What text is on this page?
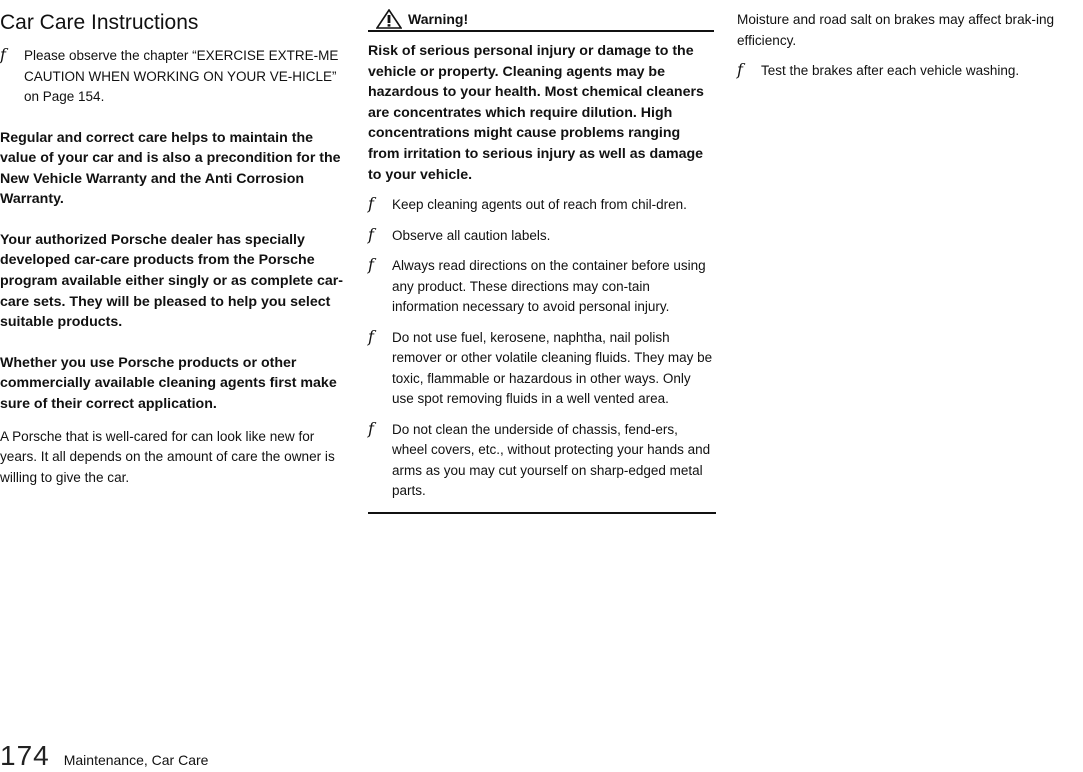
Car Care Instructions
f	Please observe the chapter “EXERCISE EXTRE-ME CAUTION WHEN WORKING ON YOUR VE-HICLE” on Page 154.
Regular and correct care helps to maintain the value of your car and is also a precondition for the New Vehicle Warranty and the Anti Corrosion Warranty.
Your authorized Porsche dealer has specially developed car-care products from the Porsche program available either singly or as complete car-care sets. They will be pleased to help you select suitable products.
Whether you use Porsche products or other commercially available cleaning agents first make sure of their correct application.
A Porsche that is well-cared for can look like new for years. It all depends on the amount of care the owner is willing to give the car.
Warning!
Risk of serious personal injury or damage to the vehicle or property. Cleaning agents may be hazardous to your health. Most chemical cleaners are concentrates which require dilution. High concentrations might cause problems ranging from irritation to serious injury as well as damage to your vehicle.
f	Keep cleaning agents out of reach from chil-dren.
f	Observe all caution labels.
f	Always read directions on the container before using any product. These directions may con-tain information necessary to avoid personal injury.
f	Do not use fuel, kerosene, naphtha, nail polish remover or other volatile cleaning fluids. They may be toxic, flammable or hazardous in other ways. Only use spot removing fluids in a well vented area.
f	Do not clean the underside of chassis, fend-ers, wheel covers, etc., without protecting your hands and arms as you may cut yourself on sharp-edged metal parts.
Moisture and road salt on brakes may affect brak-ing efficiency.
f	Test the brakes after each vehicle washing.
174 Maintenance, Car Care
